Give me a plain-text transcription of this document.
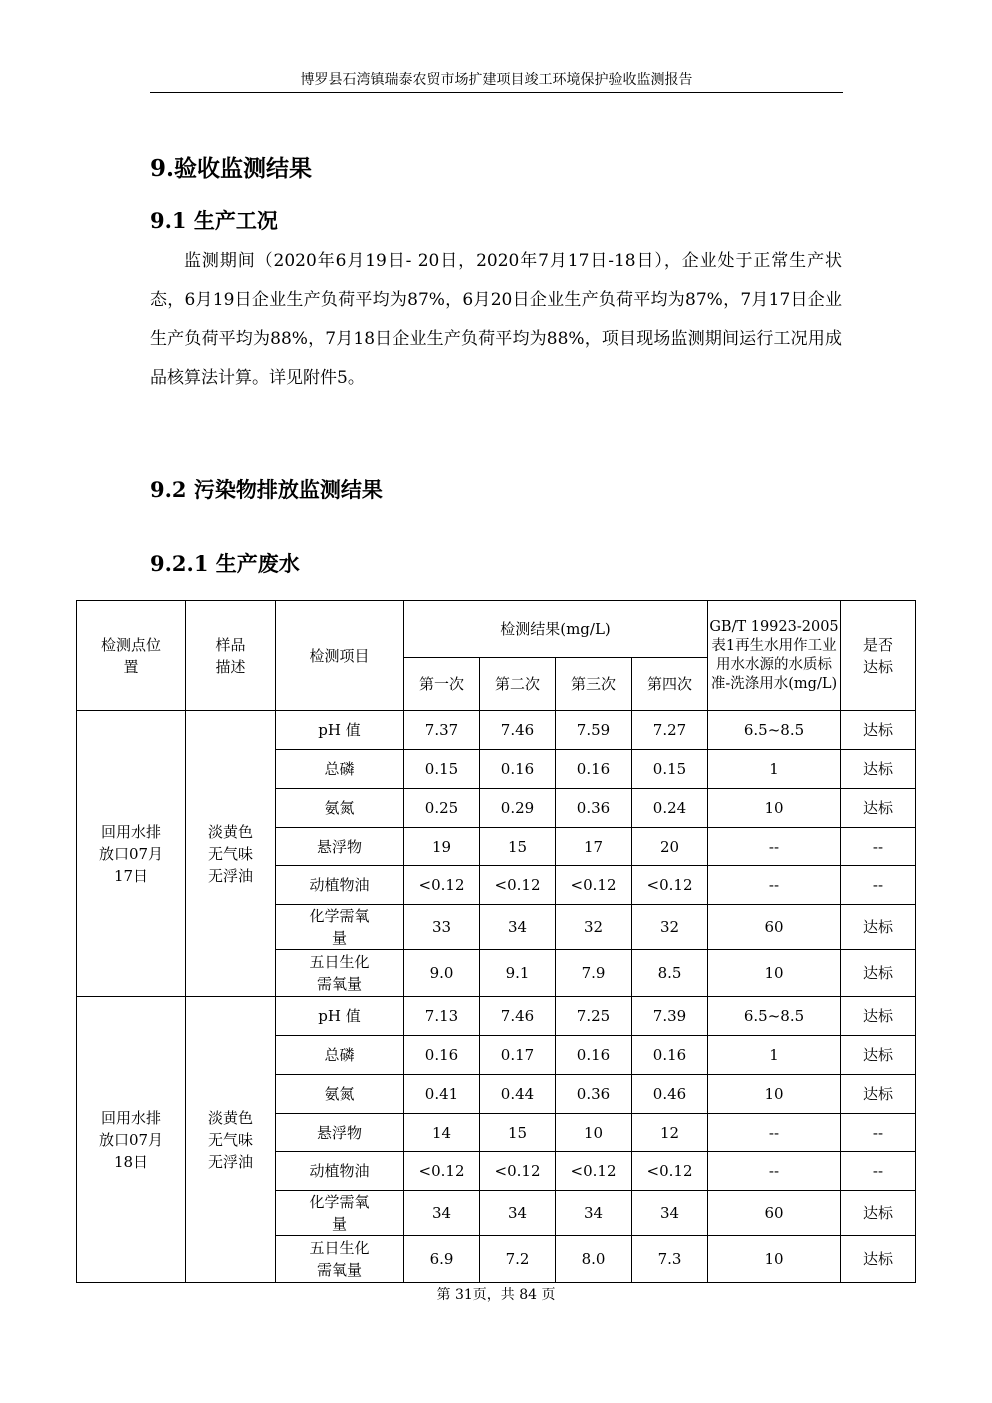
博罗县石湾镇瑞泰农贸市场扩建项目竣工环境保护验收监测报告
9.验收监测结果
9.1 生产工况

监测期间（2020年6月19日- 20日，2020年7月17日-18日），企业处于正常生产状态，6月19日企业生产负荷平均为87%，6月20日企业生产负荷平均为87%，7月17日企业生产负荷平均为88%，7月18日企业生产负荷平均为88%，项目现场监测期间运行工况用成品核算法计算。详见附件5。

9.2 污染物排放监测结果
9.2.1 生产废水
检测点位置	样品描述	检测项目	检测结果(mg/L)				GB/T 19923-2005表1再生水用作工业用水水源的水质标准-洗涤用水(mg/L)	是否达标

			第一次	第二次	第三次	第四次		

回用水排放口07月17日	淡黄色无气味无浮油	pH 值	7.37	7.46	7.59	7.27	6.5~8.5	达标

		总磷	0.15	0.16	0.16	0.15	1	达标

		氨氮	0.25	0.29	0.36	0.24	10	达标

		悬浮物	19	15	17	20	--	--

		动植物油	<0.12	<0.12	<0.12	<0.12	--	--

		化学需氧量	33	34	32	32	60	达标

		五日生化需氧量	9.0	9.1	7.9	8.5	10	达标

回用水排放口07月18日	淡黄色无气味无浮油	pH 值	7.13	7.46	7.25	7.39	6.5~8.5	达标

		总磷	0.16	0.17	0.16	0.16	1	达标

		氨氮	0.41	0.44	0.36	0.46	10	达标

		悬浮物	14	15	10	12	--	--

		动植物油	<0.12	<0.12	<0.12	<0.12	--	--

		化学需氧量	34	34	34	34	60	达标

		五日生化需氧量	6.9	7.2	8.0	7.3	10	达标
第 31页，共 84 页
